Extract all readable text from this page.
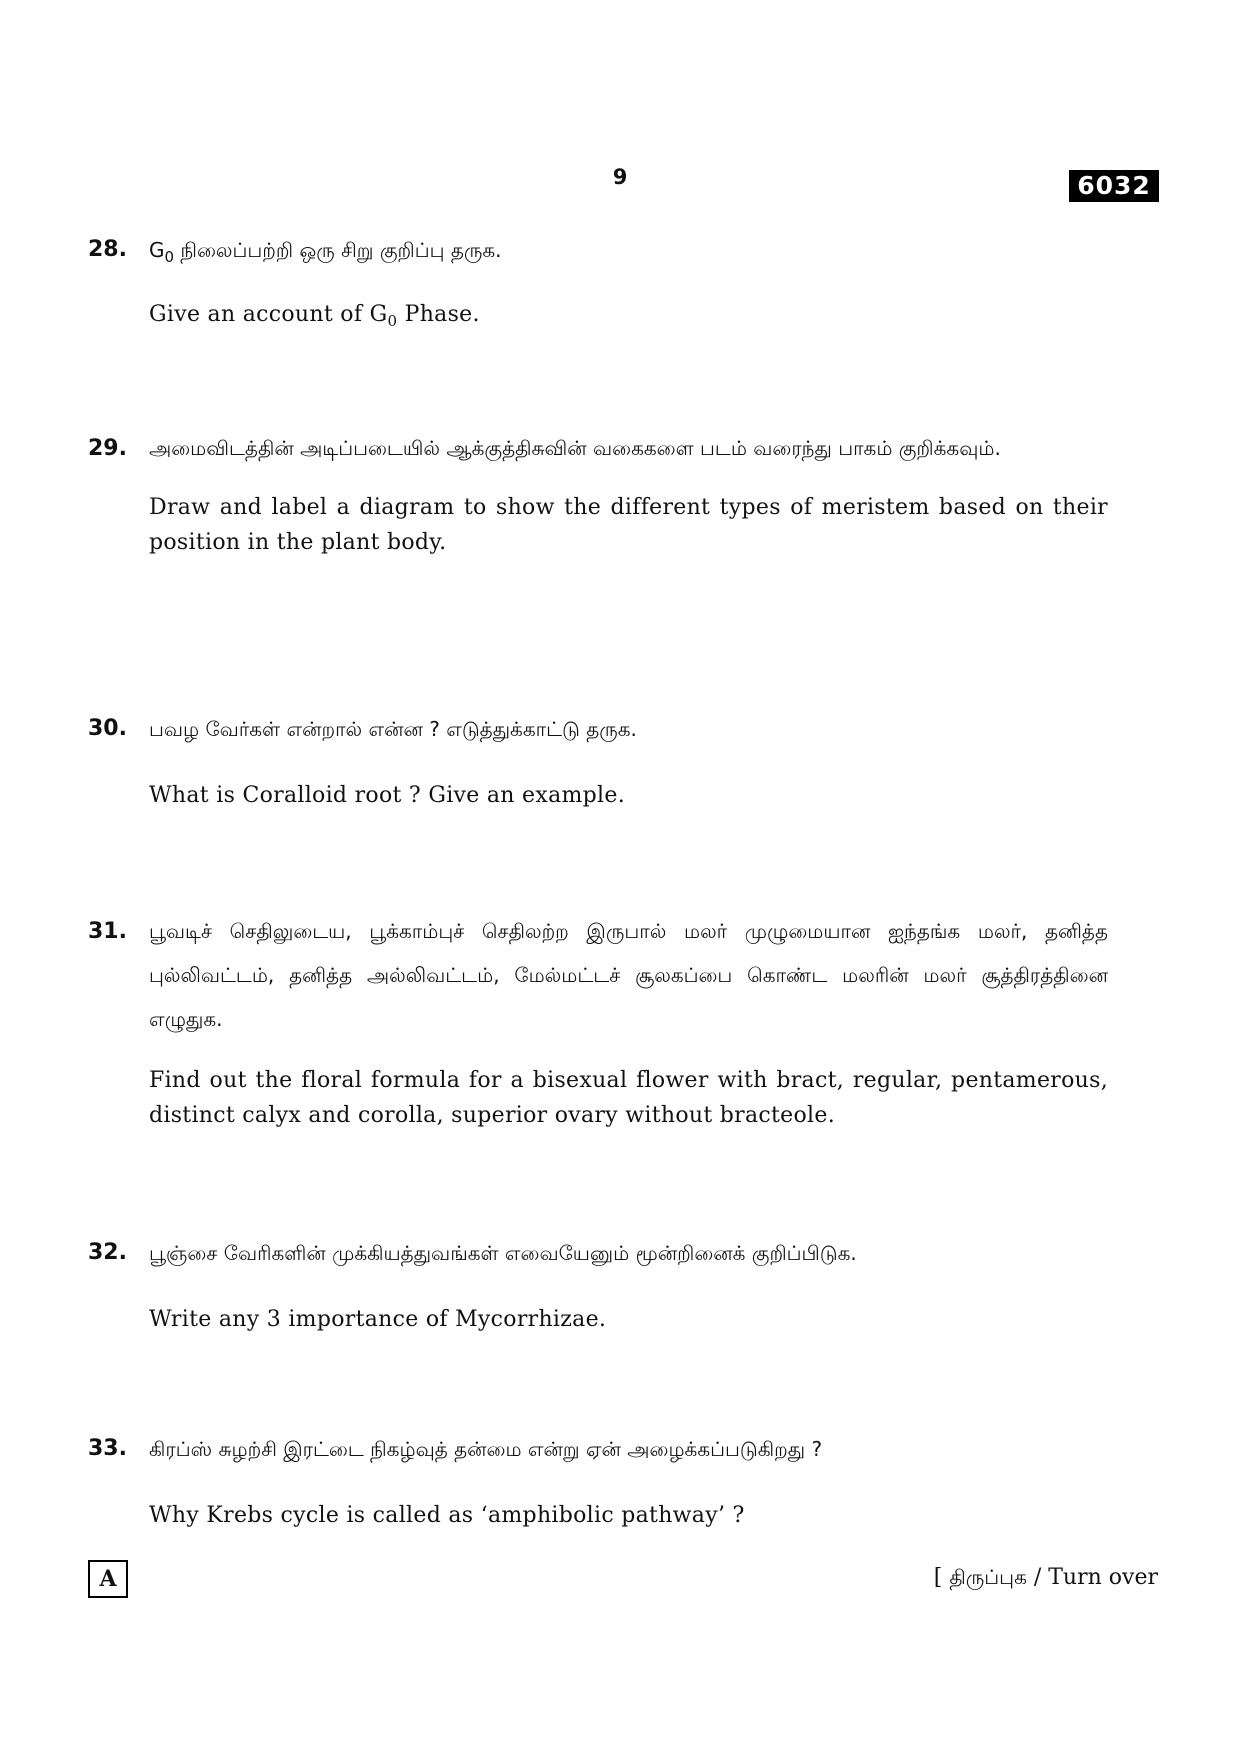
9	6032
28. $G_0$ நிலைப்பற்றி ஒரு சிறு குறிப்பு தருக.

Give an account of $G_0$ Phase.

29. அமைவிடத்தின் அடிப்படையில் ஆக்குத்திசுவின் வகைகளை படம் வரைந்து பாகம் குறிக்கவும்.

Draw and label a diagram to show the different types of meristem based on their position in the plant body.

30. பவழ வேர்கள் என்றால் என்ன ? எடுத்துக்காட்டு தருக.

What is Coralloid root ? Give an example.

31. பூவடிச் செதிலுடைய, பூக்காம்புச் செதிலற்ற இருபால் மலர் முழுமையான ஐந்தங்க மலர், தனித்த புல்லிவட்டம், தனித்த அல்லிவட்டம், மேல்மட்டச் சூலகப்பை கொண்ட மலரின் மலர் சூத்திரத்தினை எழுதுக.

Find out the floral formula for a bisexual flower with bract, regular, pentamerous, distinct calyx and corolla, superior ovary without bracteole.

32. பூஞ்சை வேரிகளின் முக்கியத்துவங்கள் எவையேனும் மூன்றினைக் குறிப்பிடுக.

Write any 3 importance of Mycorrhizae.

33. கிரப்ஸ் சுழற்சி இரட்டை நிகழ்வுத் தன்மை என்று ஏன் அழைக்கப்படுகிறது ?

Why Krebs cycle is called as ‘amphibolic pathway’ ?

A	[ திருப்புக / Turn over
